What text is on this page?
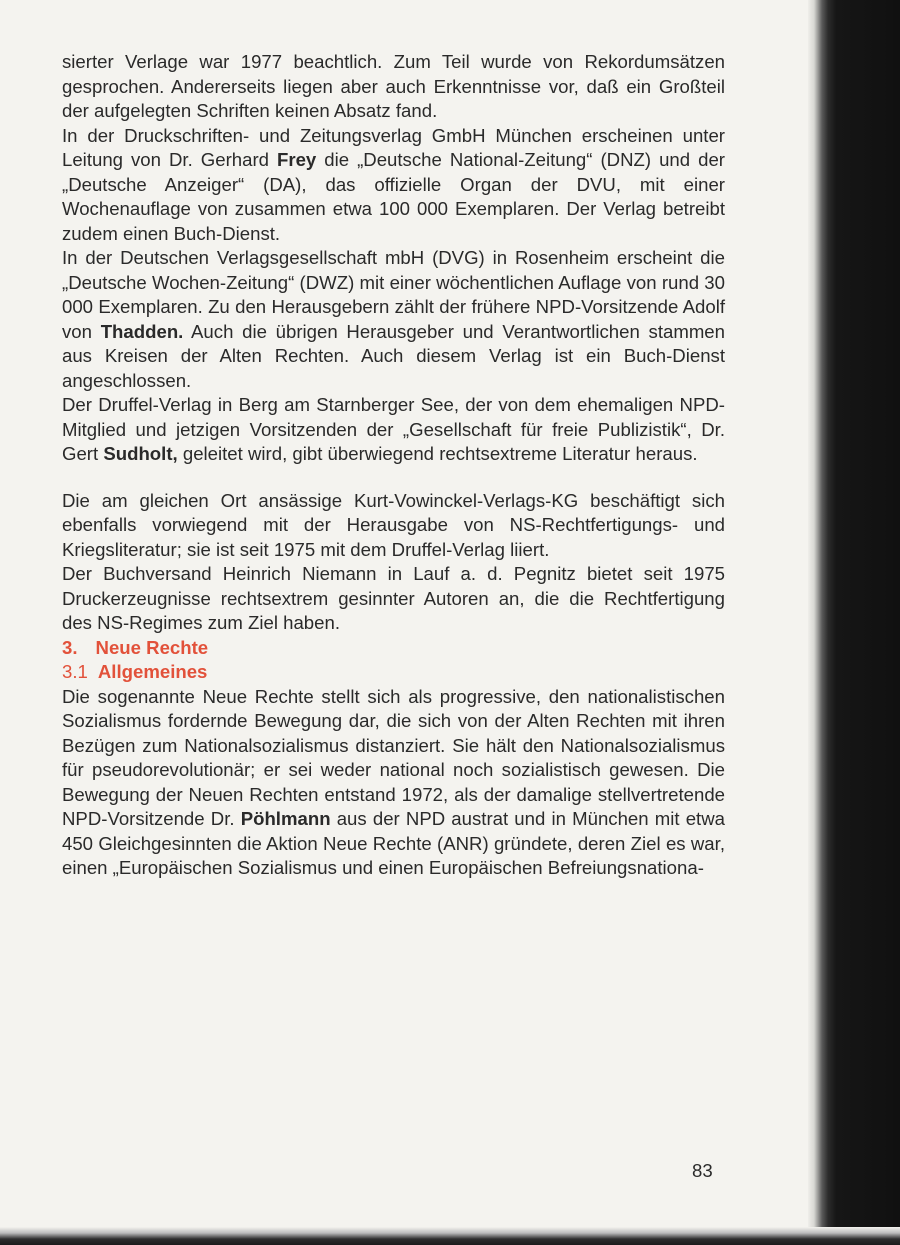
sierter Verlage war 1977 beachtlich. Zum Teil wurde von Rekordumsätzen gesprochen. Andererseits liegen aber auch Erkenntnisse vor, daß ein Großteil der aufgelegten Schriften keinen Absatz fand.

In der Druckschriften- und Zeitungsverlag GmbH München erscheinen unter Leitung von Dr. Gerhard Frey die „Deutsche National-Zeitung“ (DNZ) und der „Deutsche Anzeiger“ (DA), das offizielle Organ der DVU, mit einer Wochenauflage von zusammen etwa 100 000 Exemplaren. Der Verlag betreibt zudem einen Buch-Dienst.

In der Deutschen Verlagsgesellschaft mbH (DVG) in Rosenheim erscheint die „Deutsche Wochen-Zeitung“ (DWZ) mit einer wöchentlichen Auflage von rund 30 000 Exemplaren. Zu den Herausgebern zählt der frühere NPD-Vorsitzende Adolf von Thadden. Auch die übrigen Herausgeber und Verantwortlichen stammen aus Kreisen der Alten Rechten. Auch diesem Verlag ist ein Buch-Dienst angeschlossen.

Der Druffel-Verlag in Berg am Starnberger See, der von dem ehemaligen NPD-Mitglied und jetzigen Vorsitzenden der „Gesellschaft für freie Publizistik“, Dr. Gert Sudholt, geleitet wird, gibt überwiegend rechtsextreme Literatur heraus.

Die am gleichen Ort ansässige Kurt-Vowinckel-Verlags-KG beschäftigt sich ebenfalls vorwiegend mit der Herausgabe von NS-Rechtfertigungs- und Kriegsliteratur; sie ist seit 1975 mit dem Druffel-Verlag liiert.

Der Buchversand Heinrich Niemann in Lauf a. d. Pegnitz bietet seit 1975 Druckerzeugnisse rechtsextrem gesinnter Autoren an, die die Rechtfertigung des NS-Regimes zum Ziel haben.

3. Neue Rechte

3.1 Allgemeines

Die sogenannte Neue Rechte stellt sich als progressive, den nationalistischen Sozialismus fordernde Bewegung dar, die sich von der Alten Rechten mit ihren Bezügen zum Nationalsozialismus distanziert. Sie hält den Nationalsozialismus für pseudorevolutionär; er sei weder national noch sozialistisch gewesen. Die Bewegung der Neuen Rechten entstand 1972, als der damalige stellvertretende NPD-Vorsitzende Dr. Pöhlmann aus der NPD austrat und in München mit etwa 450 Gleichgesinnten die Aktion Neue Rechte (ANR) gründete, deren Ziel es war, einen „Europäischen Sozialismus und einen Europäischen Befreiungsnationa-

83
